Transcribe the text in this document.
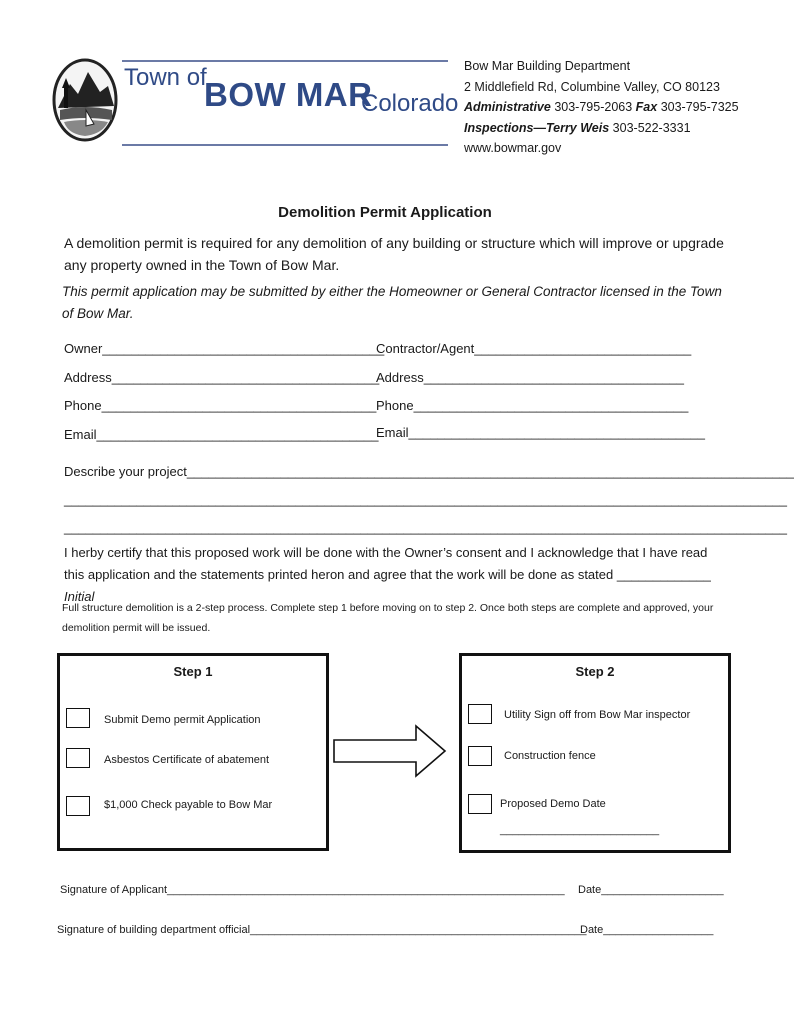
Town of
BOW MAR
Colorado
Bow Mar Building Department
2 Middlefield Rd, Columbine Valley, CO 80123
Administrative 303-795-2063 Fax 303-795-7325
Inspections—Terry Weis 303-522-3331
www.bowmar.gov
Demolition Permit Application
A demolition permit is required for any demolition of any building or structure which will improve or upgrade any property owned in the Town of Bow Mar.
This permit application may be submitted by either the Homeowner or General Contractor licensed in the Town of Bow Mar.
Owner_______________________________________
Address_____________________________________
Phone______________________________________
Email_______________________________________
Contractor/Agent______________________________
Address____________________________________
Phone______________________________________
Email_________________________________________
Describe your project____________________________________________________________________________________
____________________________________________________________________________________________________
____________________________________________________________________________________________________
I herby certify that this proposed work will be done with the Owner’s consent and I acknowledge that I have read this application and the statements printed heron and agree that the work will be done as stated _____________ Initial
Full structure demolition is a 2-step process. Complete step 1 before moving on to step 2. Once both steps are complete and approved, your demolition permit will be issued.
Step 1
Submit Demo permit Application
Asbestos Certificate of abatement
$1,000 Check payable to Bow Mar
Step 2
Utility Sign off from Bow Mar inspector
Construction fence
Proposed Demo Date
__________________________
Signature of Applicant_________________________________________________________________ Date____________________
Signature of building department official_______________________________________________________
Date__________________
